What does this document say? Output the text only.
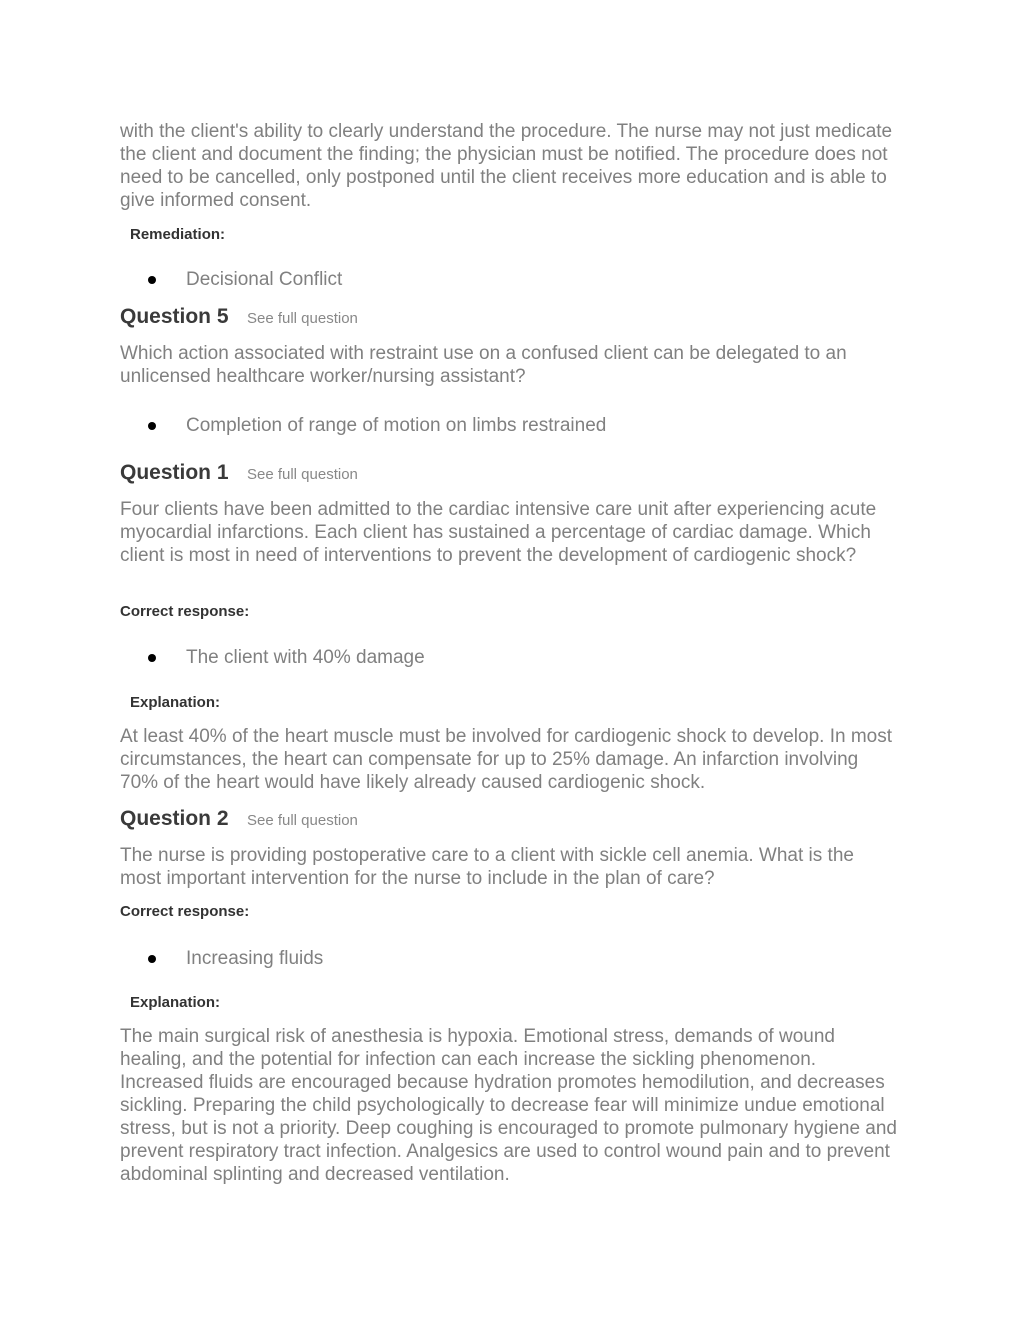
with the client's ability to clearly understand the procedure. The nurse may not just medicate the client and document the finding; the physician must be notified. The procedure does not need to be cancelled, only postponed until the client receives more education and is able to give informed consent.

Remediation:

Decisional Conflict
Question 5 See full question

Which action associated with restraint use on a confused client can be delegated to an unlicensed healthcare worker/nursing assistant?

Completion of range of motion on limbs restrained
Question 1 See full question

Four clients have been admitted to the cardiac intensive care unit after experiencing acute myocardial infarctions. Each client has sustained a percentage of cardiac damage. Which client is most in need of interventions to prevent the development of cardiogenic shock?

Correct response:

The client with 40% damage

Explanation:

At least 40% of the heart muscle must be involved for cardiogenic shock to develop. In most circumstances, the heart can compensate for up to 25% damage. An infarction involving 70% of the heart would have likely already caused cardiogenic shock.

Question 2 See full question

The nurse is providing postoperative care to a client with sickle cell anemia. What is the most important intervention for the nurse to include in the plan of care?

Correct response:

Increasing fluids

Explanation:

The main surgical risk of anesthesia is hypoxia. Emotional stress, demands of wound healing, and the potential for infection can each increase the sickling phenomenon. Increased fluids are encouraged because hydration promotes hemodilution, and decreases sickling. Preparing the child psychologically to decrease fear will minimize undue emotional stress, but is not a priority. Deep coughing is encouraged to promote pulmonary hygiene and prevent respiratory tract infection. Analgesics are used to control wound pain and to prevent abdominal splinting and decreased ventilation.
